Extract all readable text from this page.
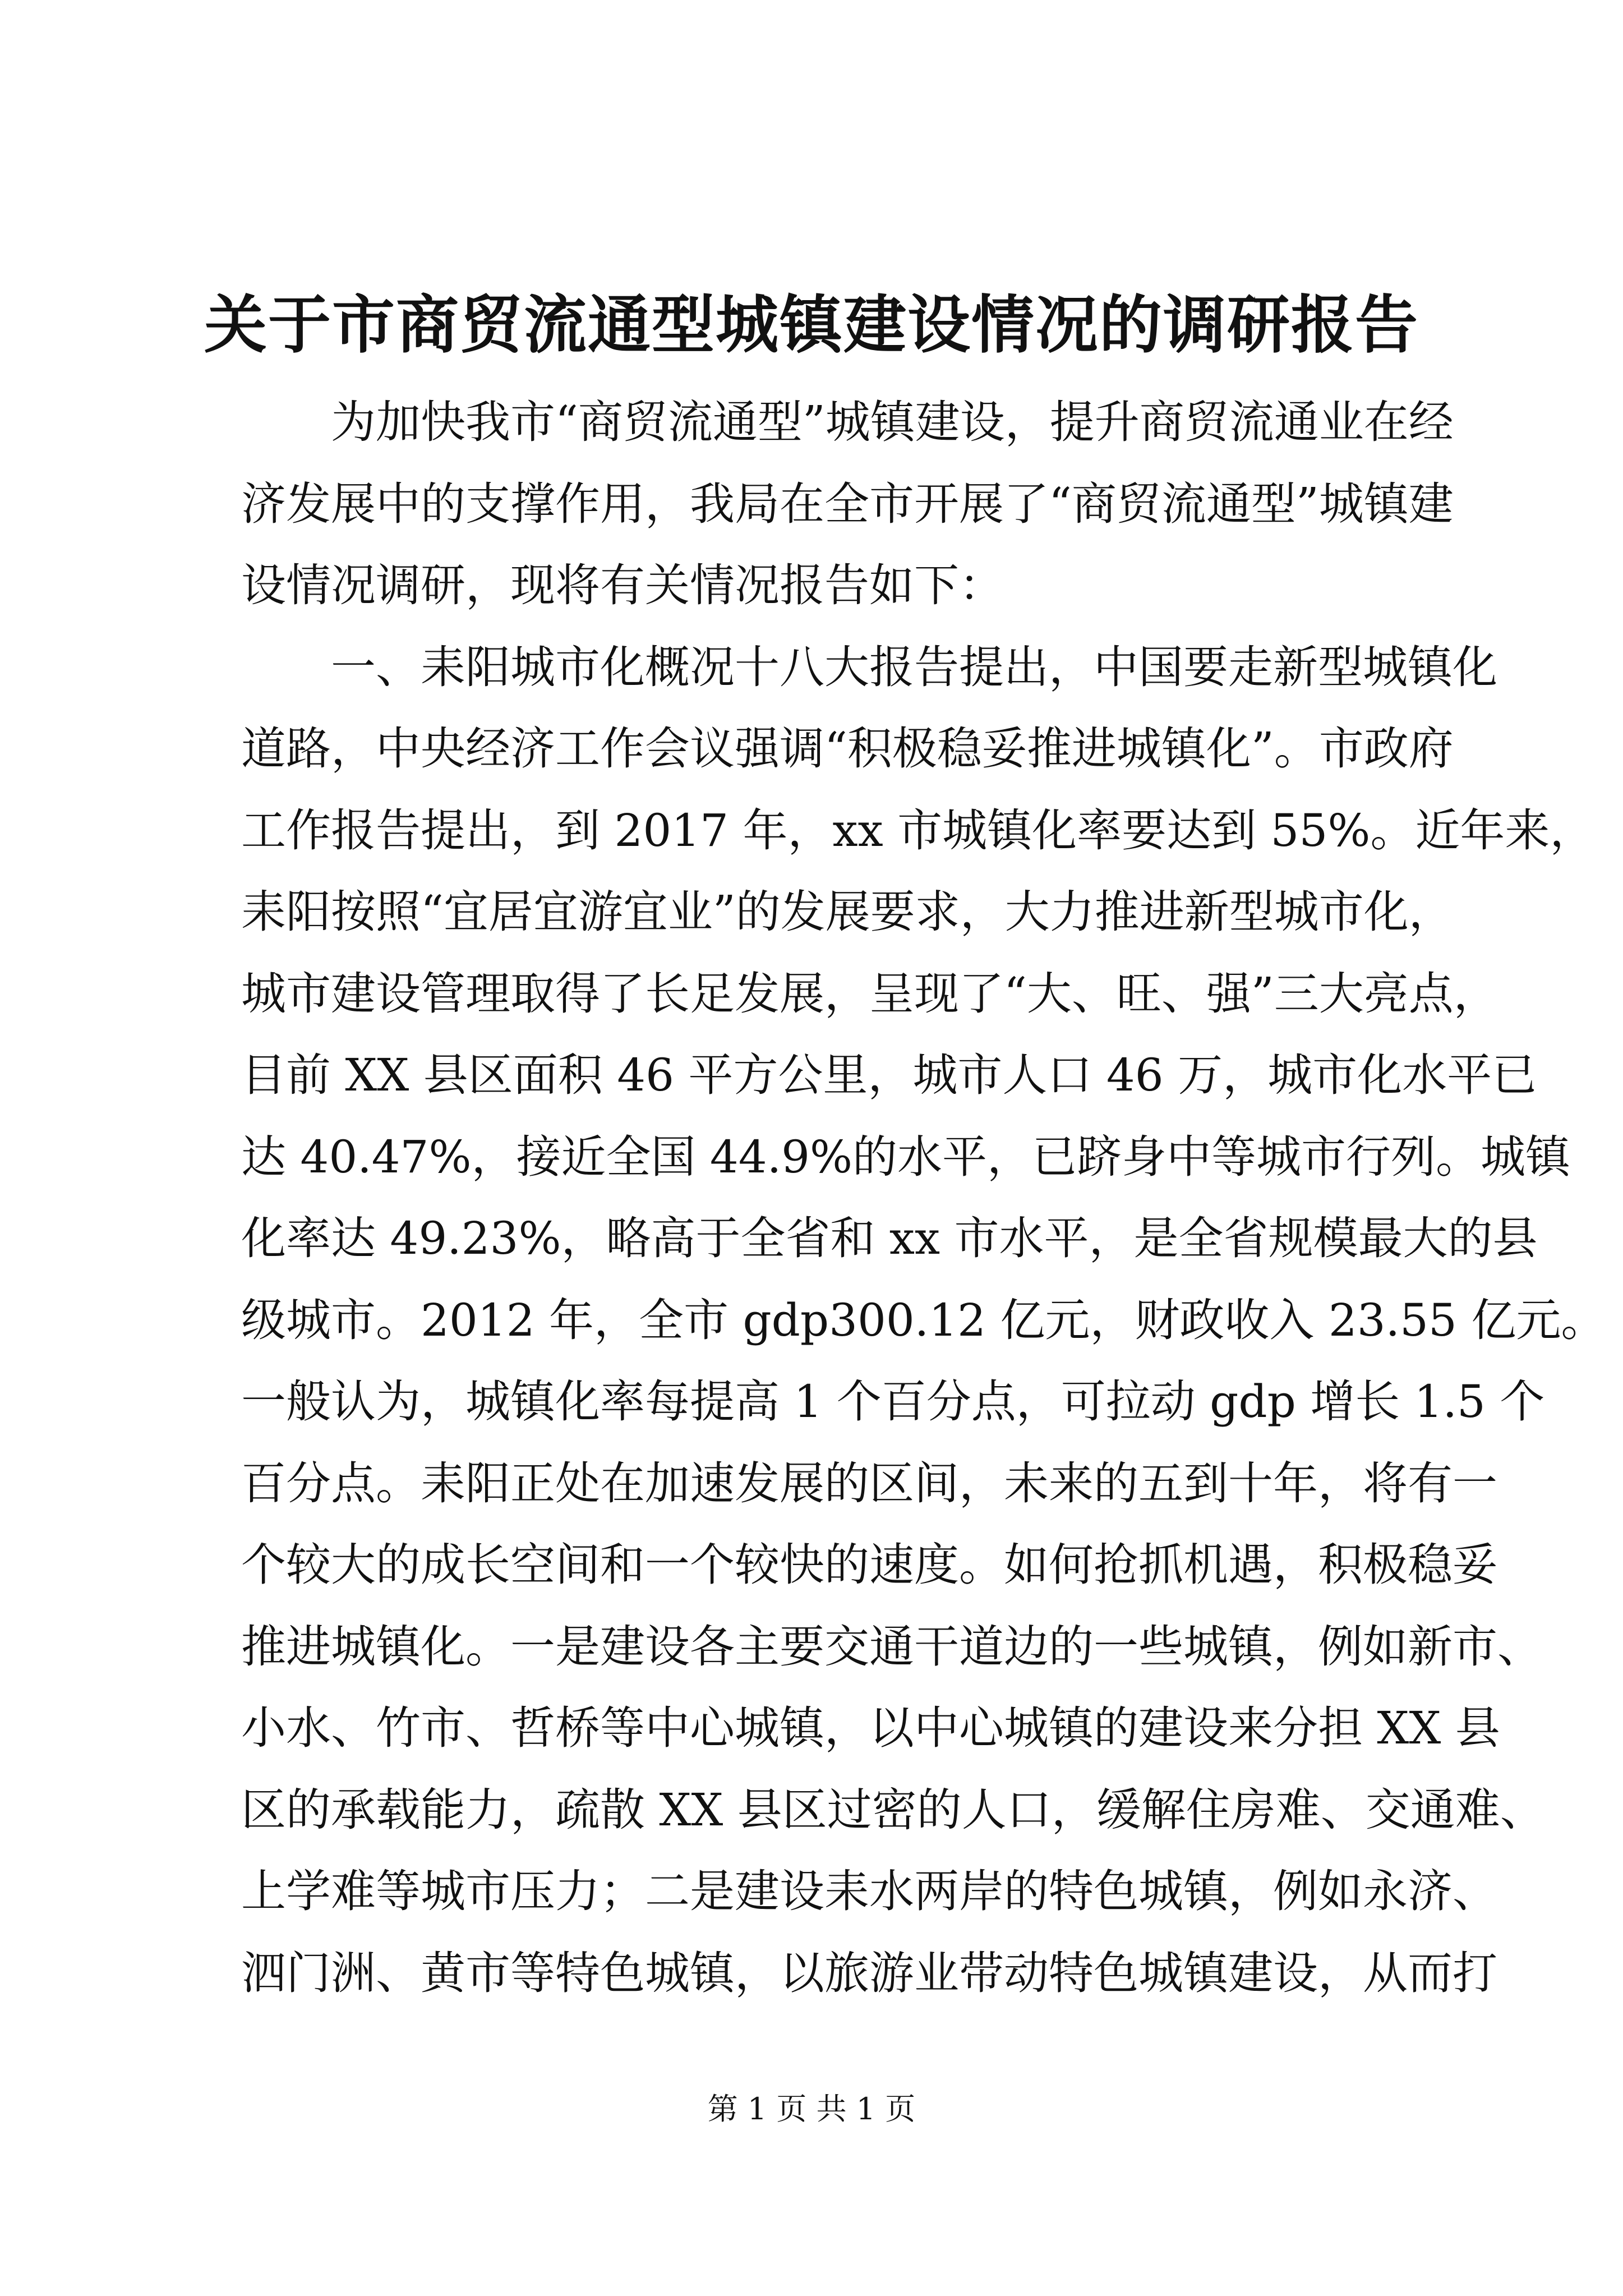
关于市商贸流通型城镇建设情况的调研报告
　　为加快我市“商贸流通型”城镇建设，提升商贸流通业在经
济发展中的支撑作用，我局在全市开展了“商贸流通型”城镇建
设情况调研，现将有关情况报告如下：
　　一、耒阳城市化概况十八大报告提出，中国要走新型城镇化
道路，中央经济工作会议强调“积极稳妥推进城镇化”。市政府
工作报告提出，到 2017 年，xx 市城镇化率要达到 55%。近年来，
耒阳按照“宜居宜游宜业”的发展要求，大力推进新型城市化，
城市建设管理取得了长足发展，呈现了“大、旺、强”三大亮点，
目前 XX 县区面积 46 平方公里，城市人口 46 万，城市化水平已
达 40.47%，接近全国 44.9%的水平，已跻身中等城市行列。城镇
化率达 49.23%，略高于全省和 xx 市水平，是全省规模最大的县
级城市。2012 年，全市 gdp300.12 亿元，财政收入 23.55 亿元。
一般认为，城镇化率每提高 1 个百分点，可拉动 gdp 增长 1.5 个
百分点。耒阳正处在加速发展的区间，未来的五到十年，将有一
个较大的成长空间和一个较快的速度。如何抢抓机遇，积极稳妥
推进城镇化。一是建设各主要交通干道边的一些城镇，例如新市、
小水、竹市、哲桥等中心城镇，以中心城镇的建设来分担 XX 县
区的承载能力，疏散 XX 县区过密的人口，缓解住房难、交通难、
上学难等城市压力；二是建设耒水两岸的特色城镇，例如永济、
泗门洲、黄市等特色城镇，以旅游业带动特色城镇建设，从而打
第 1 页 共 1 页
